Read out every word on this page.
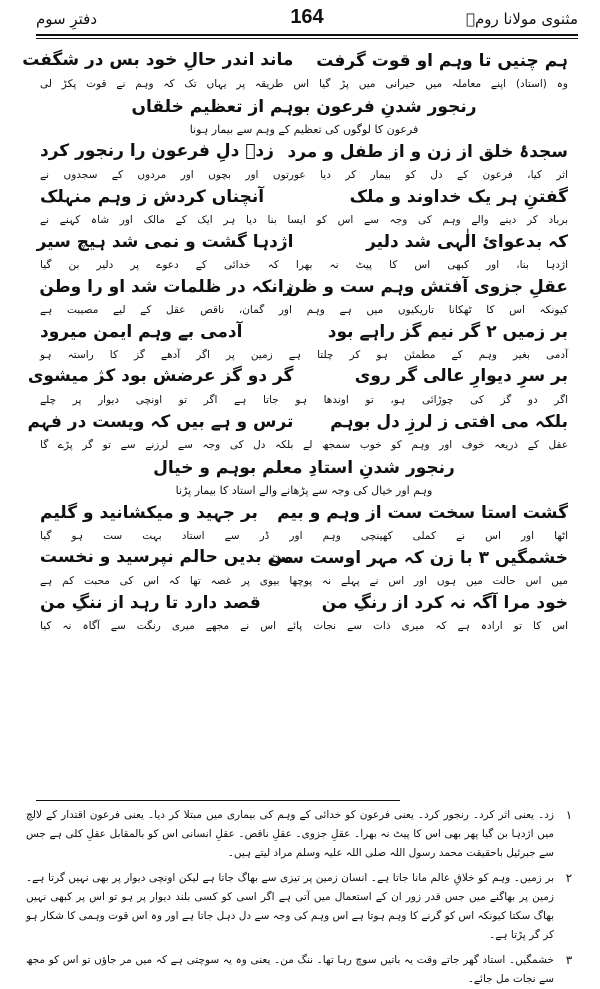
دفترِ سوم	164	مثنوی مولانا رومؒ
ہم چنیں تا وہم او قوت گرفت
ماند اندر حالِ خود بس در شگفت
وہ (استاد) اپنے معاملہ میں حیرانی میں پڑ گیا اس طریقہ پر یہاں تک کہ وہم نے قوت پکڑ لی
رنجور شدنِ فرعون بوہم از تعظیم خلقاں
فرعون کا لوگوں کی تعظیم کے وہم سے بیمار ہونا
سجدۂ خلق از زن و از طفل و مرد
زدؔ دلِ فرعون را رنجور کرد
اثر کیا، فرعون کے دل کو بیمار کر دیا عورتوں اور بچوں اور مردوں کے سجدوں نے
گفتنِ ہر یک خداوند و ملک
آنچناں کردش ز وہم منہلک
برباد کر دینے والے وہم کی وجہ سے اس کو ایسا بنا دیا ہر ایک کے مالک اور شاہ کہنے نے
کہ بدعوائ الٰہی شد دلیر
اژدہا گشت و نمی شد ہیچ سیر
اژدہا بنا، اور کبھی اس کا پیٹ نہ بھرا کہ خدائی کے دعوے پر دلیر بن گیا
عقلِ جزوی آفتش وہم ست و ظن
زانکہ در ظلمات شد او را وطن
کیونکہ اس کا ٹھکانا تاریکیوں میں ہے وہم اور گمان، ناقص عقل کے لیے مصیبت ہے
بر زمیں ۲ گر نیم گز راہے بود
آدمی بے وہم ایمن میرود
آدمی بغیر وہم کے مطمئن ہو کر چلتا ہے زمین پر اگر آدھے گز کا راستہ ہو
بر سرِ دیوارِ عالی گر روی
گر دو گز عرضش بود کژ میشوی
اگر دو گز کی چوڑائی ہو، تو اوندھا ہو جاتا ہے اگر تو اونچی دیوار پر چلے
بلکہ می افتی ز لرزِ دل بوہم
ترس و ہے بیں کہ ویست در فہم
عقل کے ذریعہ خوف اور وہم کو خوب سمجھ لے بلکہ دل کی وجہ سے لرزنے سے تو گر پڑے گا
رنجور شدنِ استادِ معلم بوہم و خیال
وہم اور خیال کی وجہ سے پڑھانے والے استاد کا بیمار پڑنا
گشت استا سخت ست از وہم و بیم
بر جہید و میکشانید و گلیم
اٹھا اور اس نے کملی کھینچی وہم اور ڈر سے استاد بہت ست ہو گیا
خشمگیں ۳ با زن کہ مہر اوست ست
من بدیں حالم نپرسید و نخست
میں اس حالت میں ہوں اور اس نے پہلے نہ پوچھا بیوی پر غصہ تھا کہ اس کی محبت کم ہے
خود مرا آگہ نہ کرد از رنگِ من
قصد دارد تا رہد از ننگِ من
اس کا تو ارادہ ہے کہ میری ذات سے نجات پائے اس نے مجھے میری رنگت سے آگاہ نہ کیا
۱
زد۔ یعنی اثر کرد۔ رنجور کرد۔ یعنی فرعون کو خدائی کے وہم کی بیماری میں مبتلا کر دیا۔ یعنی فرعون اقتدار کے لالچ میں اژدہا بن گیا پھر بھی اس کا پیٹ نہ بھرا۔ عقلِ جزوی۔ عقلِ ناقص۔ عقلِ انسانی اس کو بالمقابل عقلِ کلی ہے جس سے جبرئیل باحقیقت محمد رسول اللہ صلی اللہ علیہ وسلم مراد لیتے ہیں۔
۲
بر زمیں۔ وہم کو خلاقِ عالم مانا جاتا ہے۔ انسان زمین پر تیزی سے بھاگ جاتا ہے لیکن اونچی دیوار پر بھی نہیں گرتا ہے۔ زمین پر بھاگنے میں جس قدر زور ان کے استعمال میں آتی ہے اگر اسی کو کسی بلند دیوار پر ہو تو اس پر کبھی نہیں بھاگ سکتا کیونکہ اس کو گرنے کا وہم ہوتا ہے اس وہم کی وجہ سے دل دہل جاتا ہے اور وہ اس قوت وہمی کا شکار ہو کر گر پڑتا ہے۔
۳
خشمگیں۔ استاد گھر جاتے وقت یہ باتیں سوچ رہا تھا۔ ننگ من۔ یعنی وہ یہ سوچتی ہے کہ میں مر جاؤں تو اس کو مجھ سے نجات مل جائے۔
